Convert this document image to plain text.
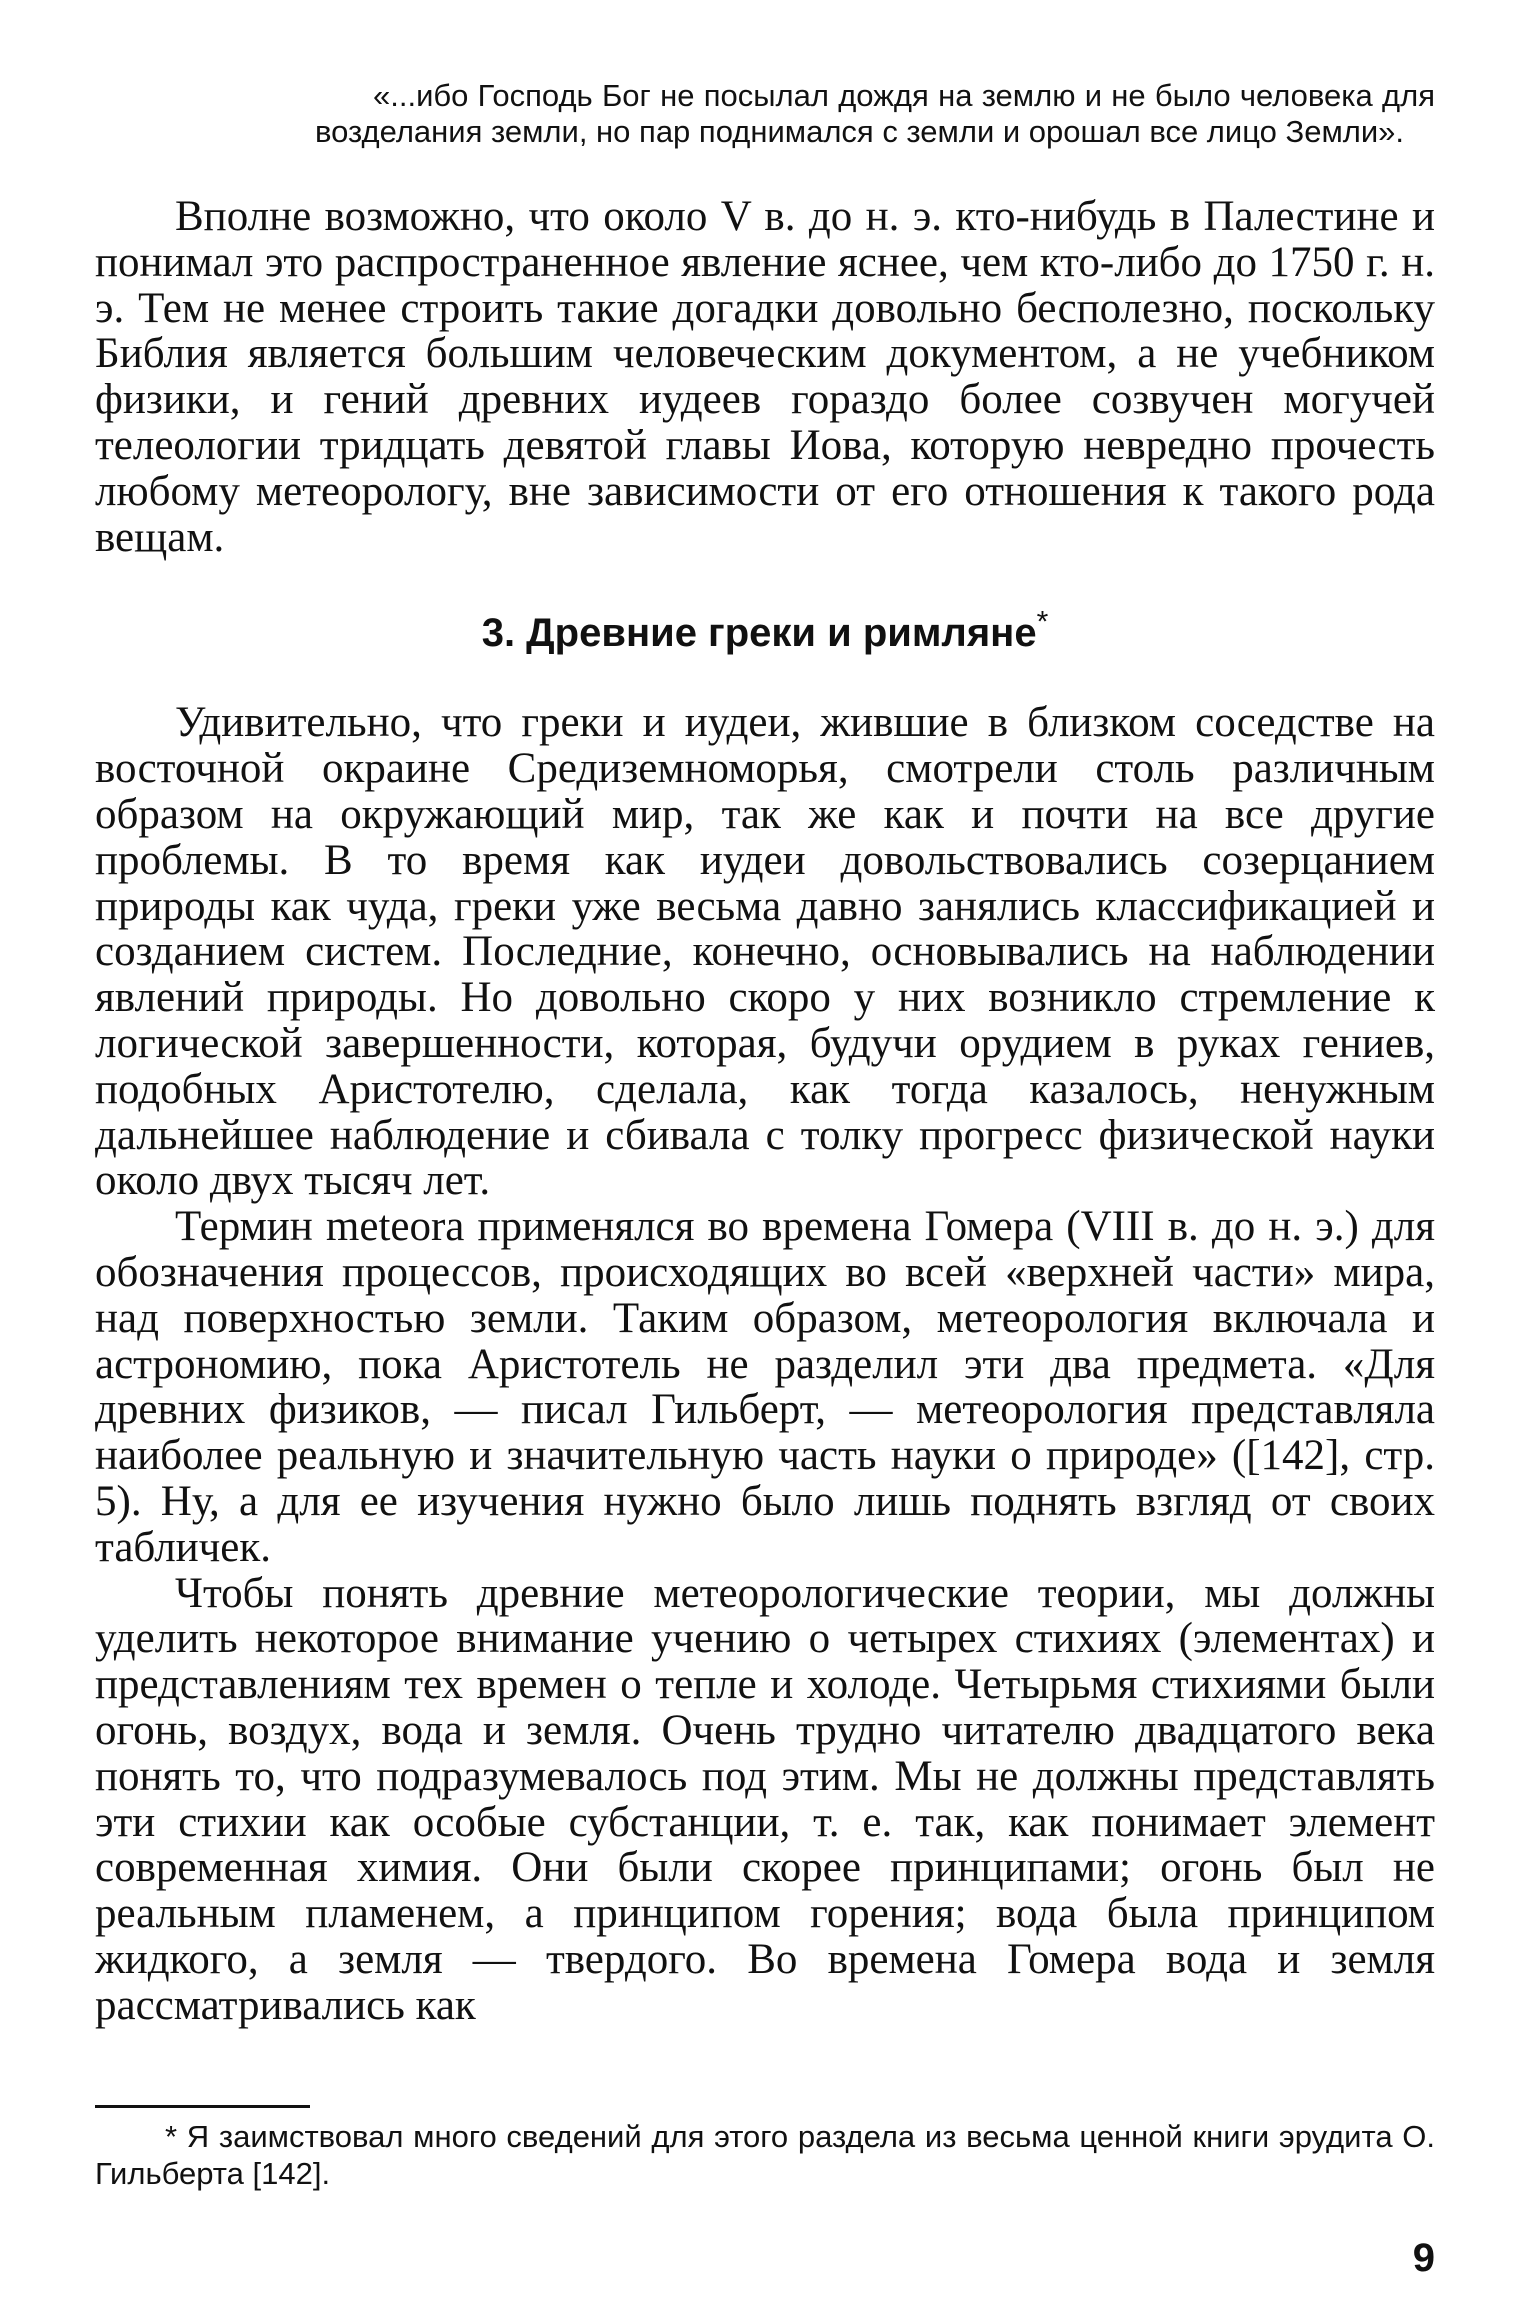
«...ибо Господь Бог не посылал дождя на землю и не было человека для возделания земли, но пар поднимался с земли и орошал все лицо Земли».

Вполне возможно, что около V в. до н. э. кто-нибудь в Палестине и понимал это распространенное явление яснее, чем кто-либо до 1750 г. н. э. Тем не менее строить такие догадки довольно бесполезно, поскольку Библия является большим человеческим документом, а не учебником физики, и гений древних иудеев гораздо более созвучен могучей телеологии тридцать девятой главы Иова, которую невредно прочесть любому метеорологу, вне зависимости от его отношения к такого рода вещам.

3. Древние греки и римляне*

Удивительно, что греки и иудеи, жившие в близком соседстве на восточной окраине Средиземноморья, смотрели столь различным образом на окружающий мир, так же как и почти на все другие проблемы. В то время как иудеи довольствовались созерцанием природы как чуда, греки уже весьма давно занялись классификацией и созданием систем. Последние, конечно, основывались на наблюдении явлений природы. Но довольно скоро у них возникло стремление к логической завершенности, которая, будучи орудием в руках гениев, подобных Аристотелю, сделала, как тогда казалось, ненужным дальнейшее наблюдение и сбивала с толку прогресс физической науки около двух тысяч лет.

Термин meteora применялся во времена Гомера (VIII в. до н. э.) для обозначения процессов, происходящих во всей «верхней части» мира, над поверхностью земли. Таким образом, метеорология включала и астрономию, пока Аристотель не разделил эти два предмета. «Для древних физиков, — писал Гильберт, — метеорология представляла наиболее реальную и значительную часть науки о природе» ([142], стр. 5). Ну, а для ее изучения нужно было лишь поднять взгляд от своих табличек.

Чтобы понять древние метеорологические теории, мы должны уделить некоторое внимание учению о четырех стихиях (элементах) и представлениям тех времен о тепле и холоде. Четырьмя стихиями были огонь, воздух, вода и земля. Очень трудно читателю двадцатого века понять то, что подразумевалось под этим. Мы не должны представлять эти стихии как особые субстанции, т. е. так, как понимает элемент современная химия. Они были скорее принципами; огонь был не реальным пламенем, а принципом горения; вода была принципом жидкого, а земля — твердого. Во времена Гомера вода и земля рассматривались как

* Я заимствовал много сведений для этого раздела из весьма ценной книги эрудита О. Гильберта [142].

9
